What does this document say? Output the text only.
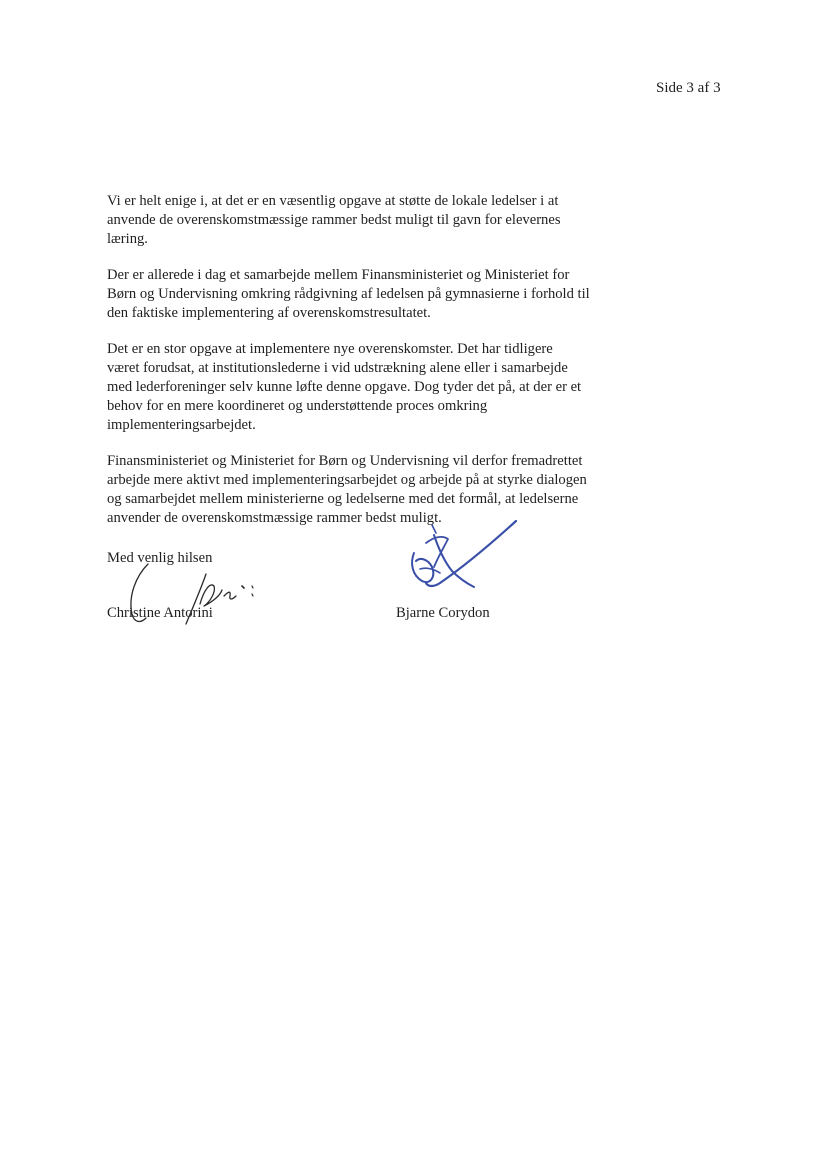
Side 3 af 3

Vi er helt enige i, at det er en væsentlig opgave at støtte de lokale ledelser i at
anvende de overenskomstmæssige rammer bedst muligt til gavn for elevernes
læring.

Der er allerede i dag et samarbejde mellem Finansministeriet og Ministeriet for
Børn og Undervisning omkring rådgivning af ledelsen på gymnasierne i forhold til
den faktiske implementering af overenskomstresultatet.

Det er en stor opgave at implementere nye overenskomster. Det har tidligere
været forudsat, at institutionslederne i vid udstrækning alene eller i samarbejde
med lederforeninger selv kunne løfte denne opgave. Dog tyder det på, at der er et
behov for en mere koordineret og understøttende proces omkring
implementeringsarbejdet.

Finansministeriet og Ministeriet for Børn og Undervisning vil derfor fremadrettet
arbejde mere aktivt med implementeringsarbejdet og arbejde på at styrke dialogen
og samarbejdet mellem ministerierne og ledelserne med det formål, at ledelserne
anvender de overenskomstmæssige rammer bedst muligt.

Med venlig hilsen
Christine Antorini	Bjarne Corydon
